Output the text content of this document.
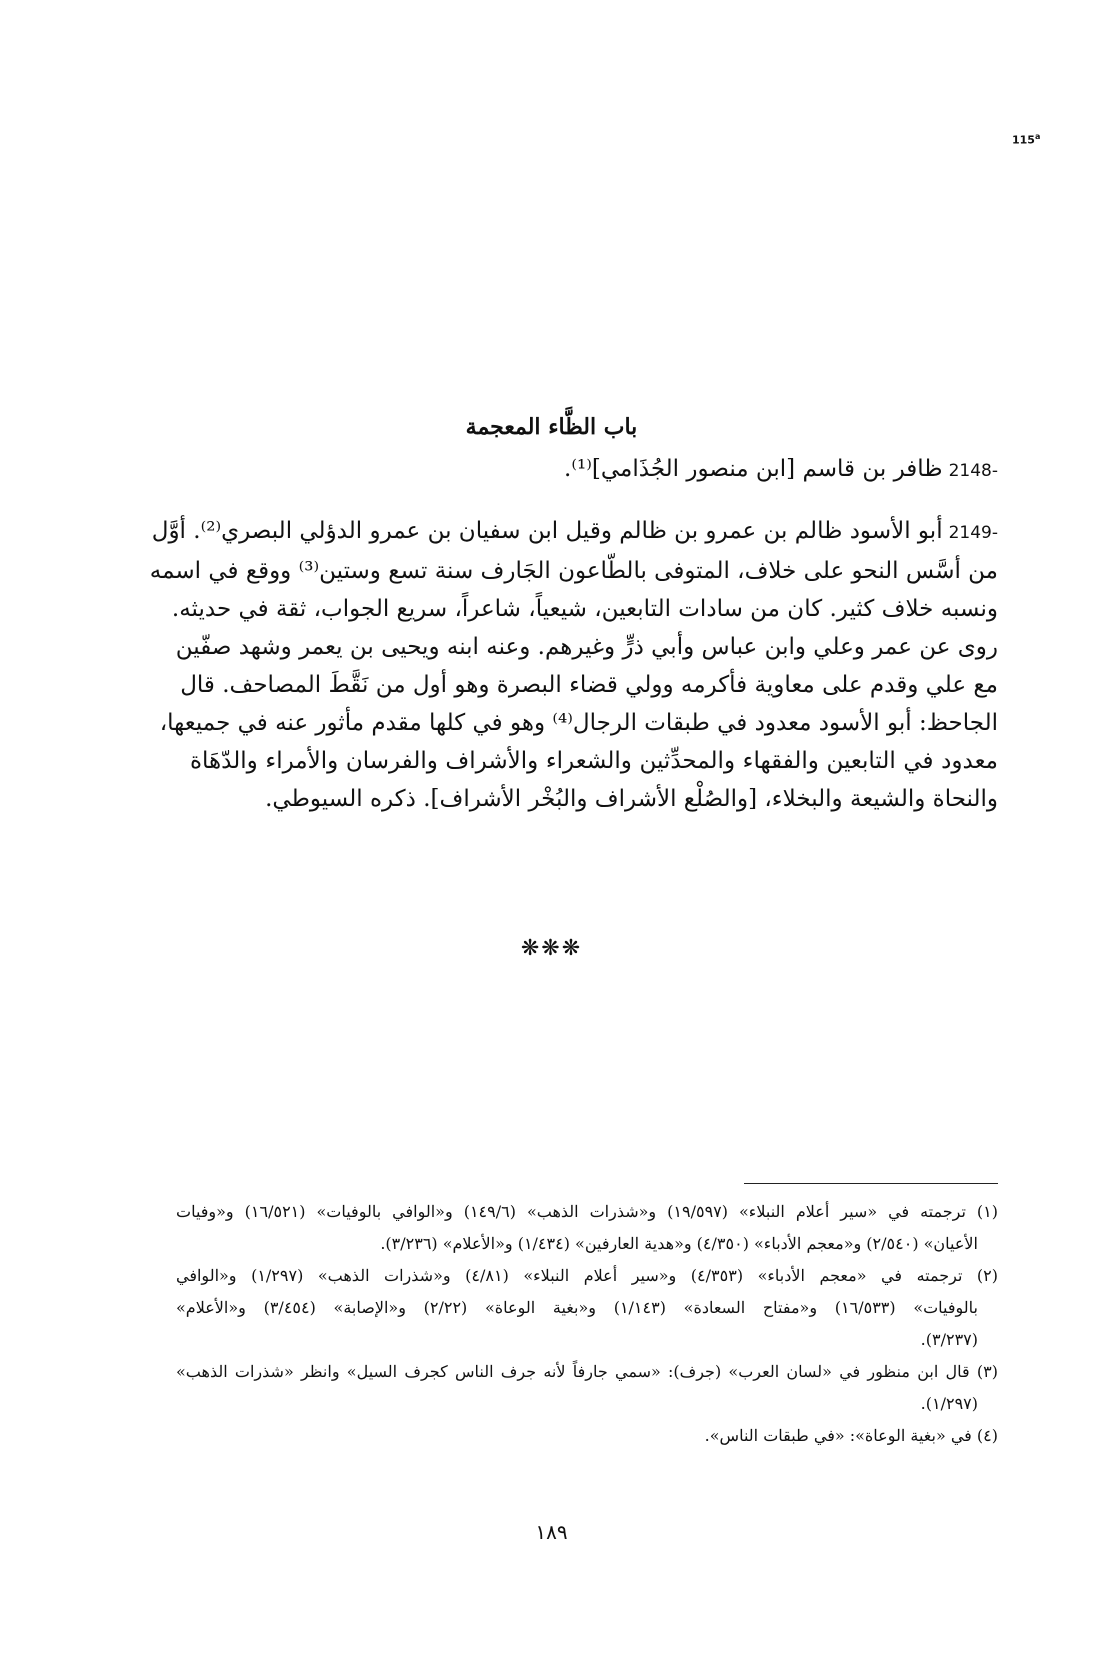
115$^a$
باب الظَّاء المعجمة
2148-ظافر بن قاسم [ابن منصور الجُذَامي]⁽¹⁾.
2149-أبو الأسود ظالم بن عمرو بن ظالم وقيل ابن سفيان بن عمرو الدؤلي البصري⁽²⁾. أوَّل
من أسَّس النحو على خلاف، المتوفى بالطّاعون الجَارف سنة تسع وستين⁽³⁾ ووقع في اسمه
ونسبه خلاف كثير. كان من سادات التابعين، شيعياً، شاعراً، سريع الجواب، ثقة في حديثه.
روى عن عمر وعلي وابن عباس وأبي ذرٍّ وغيرهم. وعنه ابنه ويحيى بن يعمر وشهد صفّين
مع علي وقدم على معاوية فأكرمه وولي قضاء البصرة وهو أول من نَقَّطَ المصاحف. قال
الجاحظ: أبو الأسود معدود في طبقات الرجال⁽⁴⁾ وهو في كلها مقدم مأثور عنه في جميعها،
معدود في التابعين والفقهاء والمحدِّثين والشعراء والأشراف والفرسان والأمراء والدّهَاة
والنحاة والشيعة والبخلاء، [والصُلْع الأشراف والبُخْر الأشراف]. ذكره السيوطي.
❋❋❋
(١) ترجمته في «سير أعلام النبلاء» (١٩/٥٩٧) و«شذرات الذهب» (١٤٩/٦) و«الوافي بالوفيات» (١٦/٥٢١) و«وفيات
الأعيان» (٢/٥٤٠) و«معجم الأدباء» (٤/٣٥٠) و«هدية العارفين» (١/٤٣٤) و«الأعلام» (٣/٢٣٦).
(٢) ترجمته في «معجم الأدباء» (٤/٣٥٣) و«سير أعلام النبلاء» (٤/٨١) و«شذرات الذهب» (١/٢٩٧) و«الوافي
بالوفيات» (١٦/٥٣٣) و«مفتاح السعادة» (١/١٤٣) و«بغية الوعاة» (٢/٢٢) و«الإصابة» (٣/٤٥٤) و«الأعلام»
(٣/٢٣٧).
(٣) قال ابن منظور في «لسان العرب» (جرف): «سمي جارفاً لأنه جرف الناس كجرف السيل» وانظر «شذرات الذهب»
(١/٢٩٧).
(٤) في «بغية الوعاة»: «في طبقات الناس».
١٨٩
